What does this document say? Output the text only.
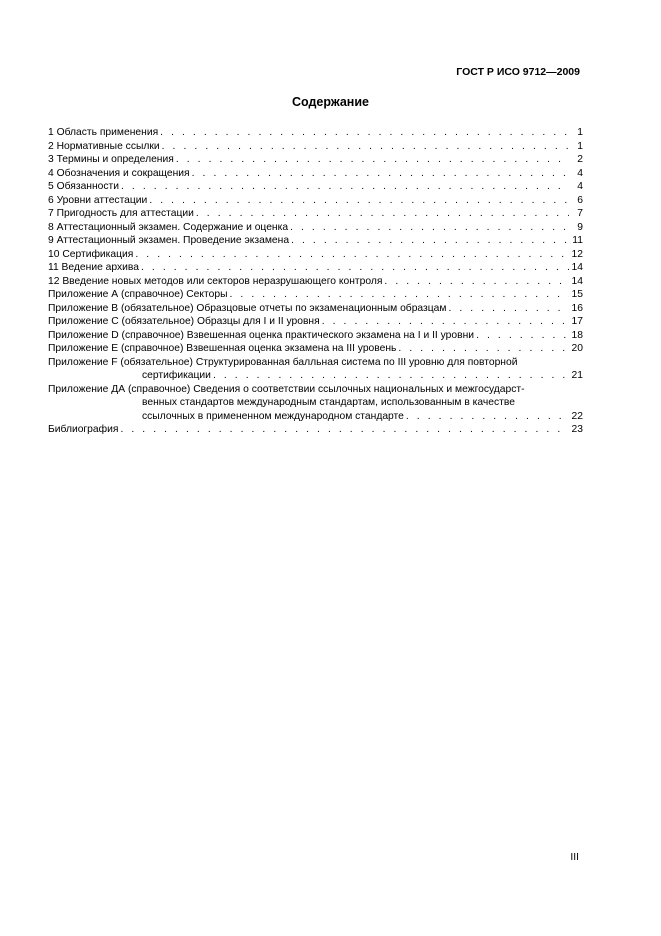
ГОСТ Р ИСО 9712—2009
Содержание
1 Область применения . . .	1
2 Нормативные ссылки . . .	1
3 Термины и определения . . .	2
4 Обозначения и сокращения . . .	4
5 Обязанности . . .	4
6 Уровни аттестации . . .	6
7 Пригодность для аттестации . . .	7
8 Аттестационный экзамен. Содержание и оценка . . .	9
9 Аттестационный экзамен. Проведение экзамена . . .	11
10 Сертификация . . .	12
11 Ведение архива . . .	14
12 Введение новых методов или секторов неразрушающего контроля . . .	14
Приложение А (справочное) Секторы . . .	15
Приложение В (обязательное) Образцовые отчеты по экзаменационным образцам . . .	16
Приложение С (обязательное) Образцы для I и II уровня . . .	17
Приложение D (справочное) Взвешенная оценка практического экзамена на I и II уровни . . .	18
Приложение Е (справочное) Взвешенная оценка экзамена на III уровень . . .	20
Приложение F (обязательное) Структурированная балльная система по III уровню для повторной
сертификации . . .	21
Приложение ДА (справочное) Сведения о соответствии ссылочных национальных и межгосударст-
венных стандартов международным стандартам, использованным в качестве
ссылочных в примененном международном стандарте . . .	22
Библиография . . .	23
III
